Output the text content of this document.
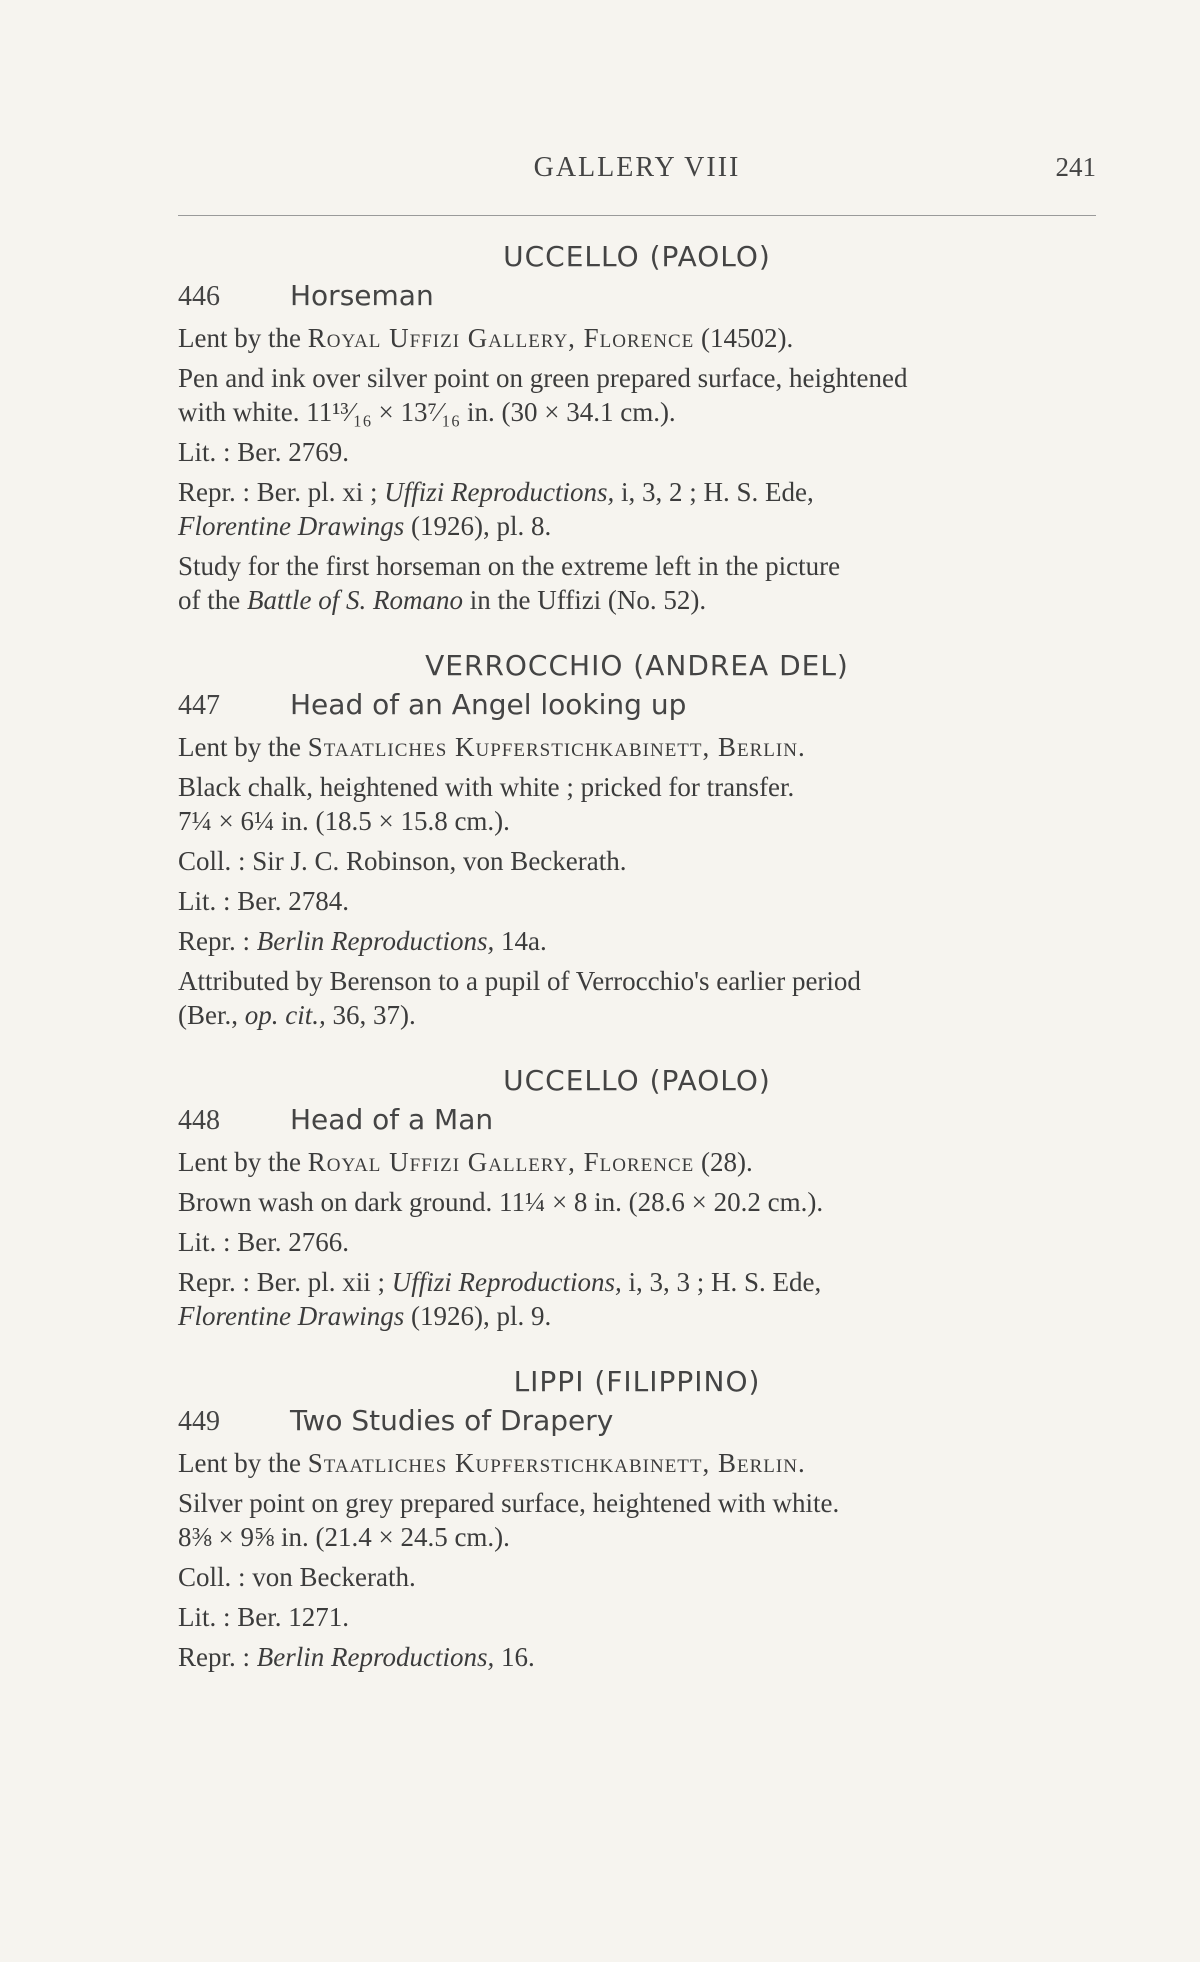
GALLERY VIII	241

UCCELLO (PAOLO)

446	Horseman

Lent by the Royal Uffizi Gallery, Florence (14502).

Pen and ink over silver point on green prepared surface, heightened

with white. 11¹³⁄₁₆ × 13⁷⁄₁₆ in. (30 × 34.1 cm.).

Lit. : Ber. 2769.

Repr. : Ber. pl. xi ; Uffizi Reproductions, i, 3, 2 ; H. S. Ede,

Florentine Drawings (1926), pl. 8.

Study for the first horseman on the extreme left in the picture

of the Battle of S. Romano in the Uffizi (No. 52).

VERROCCHIO (ANDREA DEL)

447	Head of an Angel looking up

Lent by the Staatliches Kupferstichkabinett, Berlin.

Black chalk, heightened with white ; pricked for transfer.

7¼ × 6¼ in. (18.5 × 15.8 cm.).

Coll. : Sir J. C. Robinson, von Beckerath.

Lit. : Ber. 2784.

Repr. : Berlin Reproductions, 14a.

Attributed by Berenson to a pupil of Verrocchio's earlier period

(Ber., op. cit., 36, 37).

UCCELLO (PAOLO)

448	Head of a Man

Lent by the Royal Uffizi Gallery, Florence (28).

Brown wash on dark ground. 11¼ × 8 in. (28.6 × 20.2 cm.).

Lit. : Ber. 2766.

Repr. : Ber. pl. xii ; Uffizi Reproductions, i, 3, 3 ; H. S. Ede,

Florentine Drawings (1926), pl. 9.

LIPPI (FILIPPINO)

449	Two Studies of Drapery

Lent by the Staatliches Kupferstichkabinett, Berlin.

Silver point on grey prepared surface, heightened with white.

8⅜ × 9⅝ in. (21.4 × 24.5 cm.).

Coll. : von Beckerath.

Lit. : Ber. 1271.

Repr. : Berlin Reproductions, 16.
